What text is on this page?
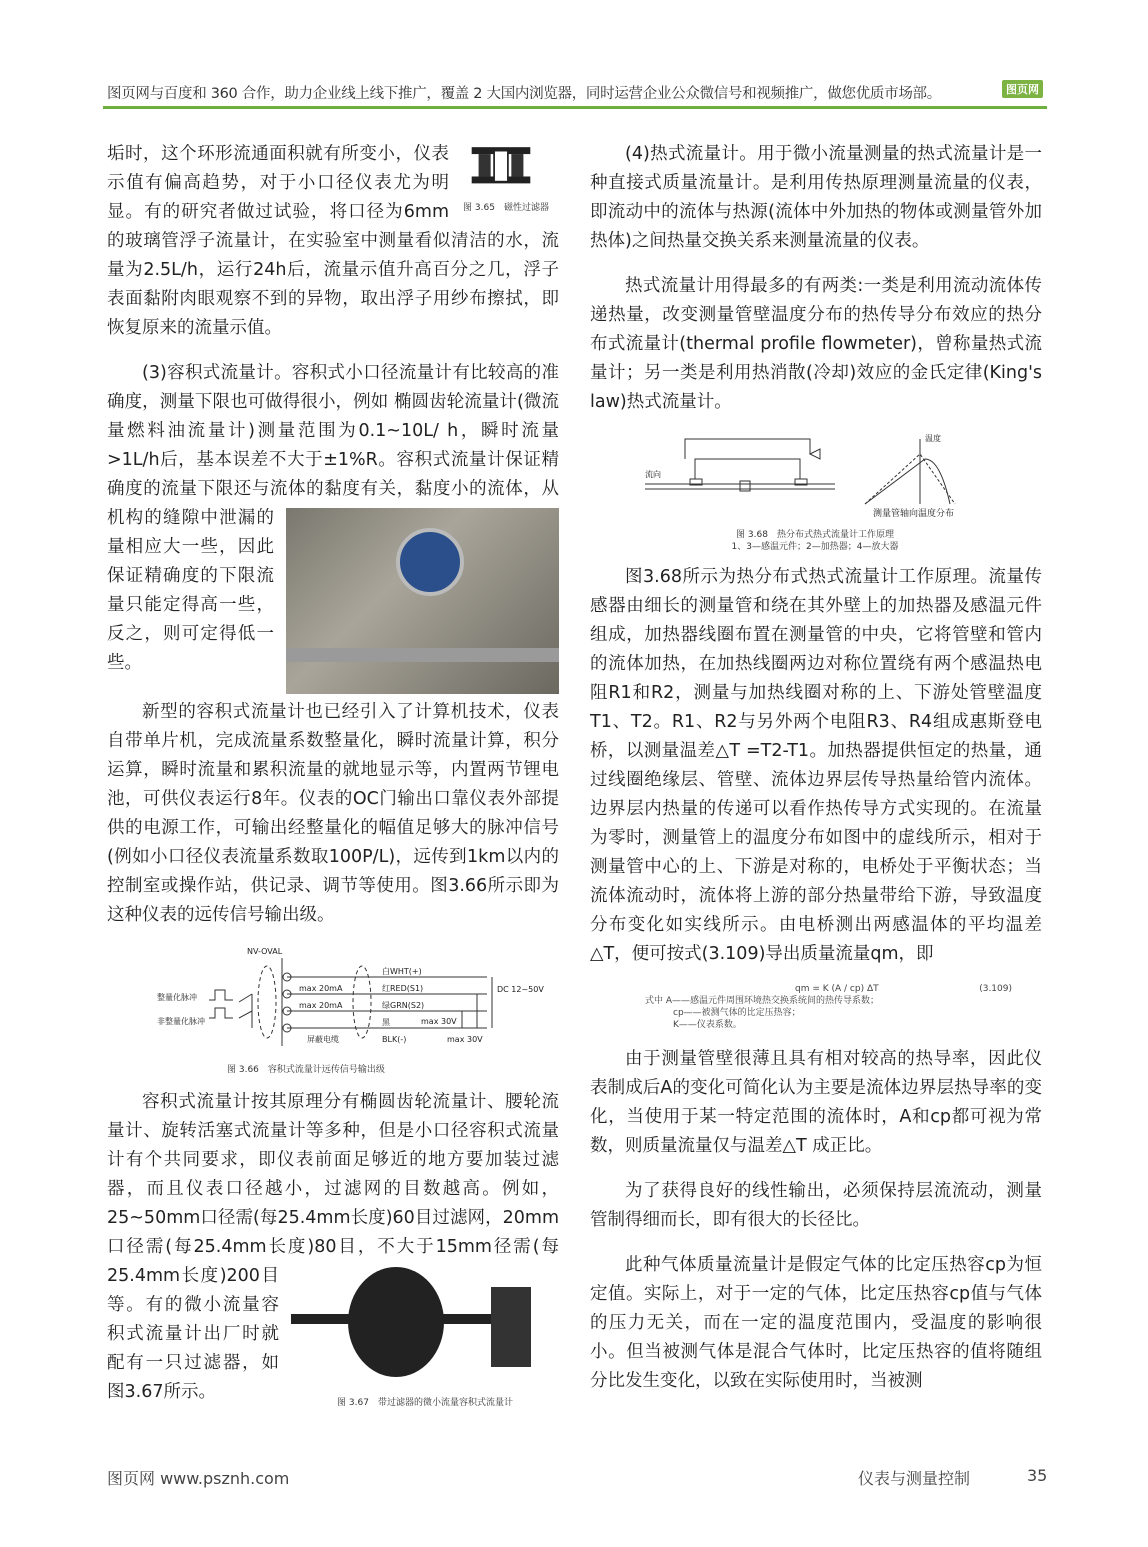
图页网与百度和 360 合作，助力企业线上线下推广，覆盖 2 大国内浏览器，同时运营企业公众微信号和视频推广，做您优质市场部。	图页网
图 3.65　磁性过滤器

垢时，这个环形流通面积就有所变小，仪表示值有偏高趋势，对于小口径仪表尤为明显。有的研究者做过试验，将口径为6mm的玻璃管浮子流量计，在实验室中测量看似清洁的水，流量为2.5L/h，运行24h后，流量示值升高百分之几，浮子表面黏附肉眼观察不到的异物，取出浮子用纱布擦拭，即恢复原来的流量示值。

(3)容积式流量计。容积式小口径流量计有比较高的准确度，测量下限也可做得很小，例如 椭圆齿轮流量计(微流量燃料油流量计)测量范围为0.1~10L/ h，瞬时流量>1L/h后，基本误差不大于±1%R。容积式流量计保证精确度的流量下限还与流体的黏度有关，黏度小的流体，从机构的缝隙中泄漏的量相应大一些，因此保证精确度的下限流量只能定得高一些，反之，则可定得低一些。

新型的容积式流量计也已经引入了计算机技术，仪表自带单片机，完成流量系数整量化，瞬时流量计算，积分运算，瞬时流量和累积流量的就地显示等，内置两节锂电池，可供仪表运行8年。仪表的OC门输出口靠仪表外部提供的电源工作，可输出经整量化的幅值足够大的脉冲信号(例如小口径仪表流量系数取100P/L)，远传到1km以内的控制室或操作站，供记录、调节等使用。图3.66所示即为这种仪表的远传信号输出级。

NV-OVAL
整量化脉冲
非整量化脉冲
max 20mA
max 20mA
白WHT(+)
红RED(S1)
绿GRN(S2)
黑
BLK(-)
屏蔽电缆
max 30V
max 30V
DC 12~50V
图 3.66　容积式流量计远传信号输出级
图 3.67　带过滤器的微小流量容积式流量计

容积式流量计按其原理分有椭圆齿轮流量计、腰轮流量计、旋转活塞式流量计等多种，但是小口径容积式流量计有个共同要求，即仪表前面足够近的地方要加装过滤器，而且仪表口径越小，过滤网的目数越高。例如，25~50mm口径需(每25.4mm长度)60目过滤网，20mm口径需(每25.4mm长度)80目，不大于15mm径需(每25.4mm长度)200目等。有的微小流量容积式流量计出厂时就配有一只过滤器，如图3.67所示。

(4)热式流量计。用于微小流量测量的热式流量计是一种直接式质量流量计。是利用传热原理测量流量的仪表，即流动中的流体与热源(流体中外加热的物体或测量管外加热体)之间热量交换关系来测量流量的仪表。

热式流量计用得最多的有两类:一类是利用流动流体传递热量，改变测量管壁温度分布的热传导分布效应的热分布式流量计(thermal profile flowmeter)，曾称量热式流量计；另一类是利用热消散(冷却)效应的金氏定律(King's law)热式流量计。

流向
温度
测量管轴向温度分布
图 3.68　热分布式热式流量计工作原理
1、3—感温元件；2—加热器；4—放大器

图3.68所示为热分布式热式流量计工作原理。流量传感器由细长的测量管和绕在其外壁上的加热器及感温元件组成，加热器线圈布置在测量管的中央，它将管壁和管内的流体加热，在加热线圈两边对称位置绕有两个感温热电阻R1和R2，测量与加热线圈对称的上、下游处管壁温度 T1、T2。R1、R2与另外两个电阻R3、R4组成惠斯登电桥，以测量温差△T =T2-T1。加热器提供恒定的热量，通过线圈绝缘层、管壁、流体边界层传导热量给管内流体。边界层内热量的传递可以看作热传导方式实现的。在流量为零时，测量管上的温度分布如图中的虚线所示，相对于测量管中心的上、下游是对称的，电桥处于平衡状态；当流体流动时，流体将上游的部分热量带给下游，导致温度分布变化如实线所示。由电桥测出两感温体的平均温差△T，便可按式(3.109)导出质量流量qm，即

qm = K (A / cp) ΔT	(3.109)
式中 A——感温元件周围环境热交换系统间的热传导系数；
cp——被测气体的比定压热容；
K——仪表系数。

由于测量管壁很薄且具有相对较高的热导率，因此仪表制成后A的变化可简化认为主要是流体边界层热导率的变化，当使用于某一特定范围的流体时，A和cp都可视为常数，则质量流量仅与温差△T 成正比。

为了获得良好的线性输出，必须保持层流流动，测量管制得细而长，即有很大的长径比。

此种气体质量流量计是假定气体的比定压热容cp为恒定值。实际上，对于一定的气体，比定压热容cp值与气体的压力无关，而在一定的温度范围内，受温度的影响很小。但当被测气体是混合气体时，比定压热容的值将随组分比发生变化，以致在实际使用时，当被测

图页网 www.psznh.com	仪表与测量控制	35
